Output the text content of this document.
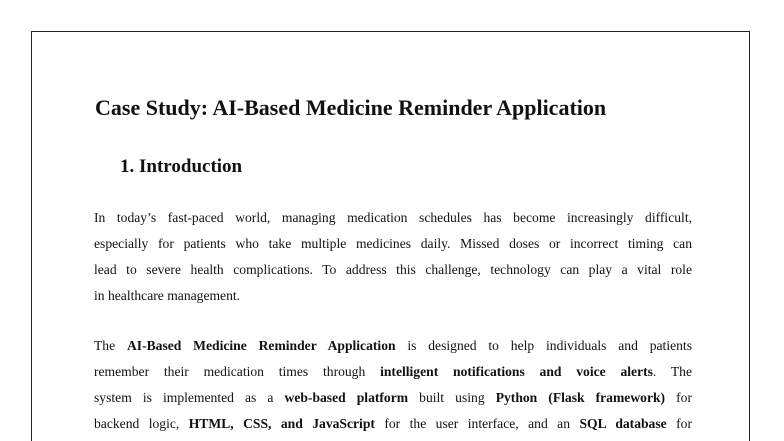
Case Study: AI-Based Medicine Reminder Application
1. Introduction

In today’s fast-paced world, managing medication schedules has become increasingly difficult,
especially for patients who take multiple medicines daily. Missed doses or incorrect timing can
lead to severe health complications. To address this challenge, technology can play a vital role
in healthcare management.

The AI-Based Medicine Reminder Application is designed to help individuals and patients
remember their medication times through intelligent notifications and voice alerts. The
system is implemented as a web-based platform built using Python (Flask framework) for
backend logic, HTML, CSS, and JavaScript for the user interface, and an SQL database for
